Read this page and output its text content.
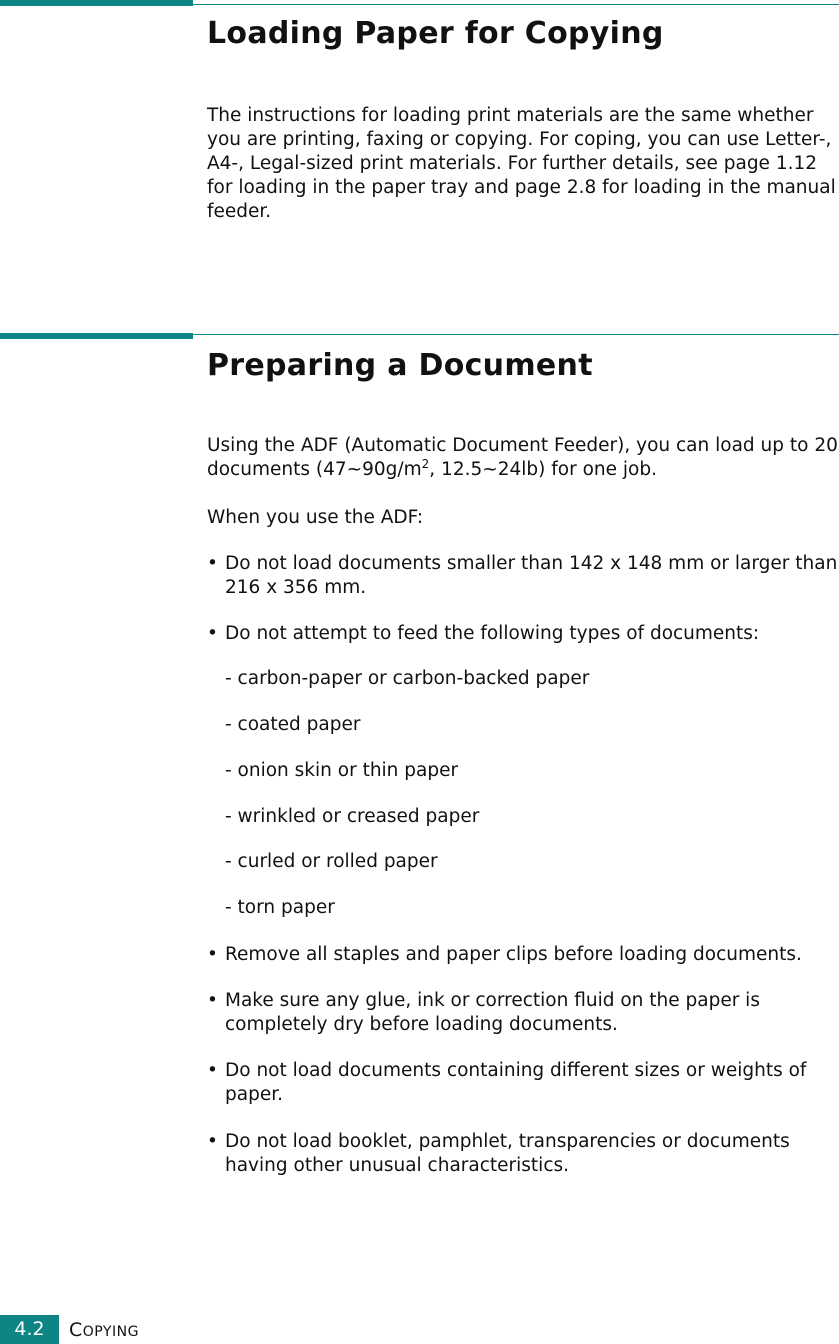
Loading Paper for Copying

The instructions for loading print materials are the same whether you are printing, faxing or copying. For coping, you can use Letter-, A4-, Legal-sized print materials. For further details, see page 1.12 for loading in the paper tray and page 2.8 for loading in the manual feeder.

Preparing a Document

Using the ADF (Automatic Document Feeder), you can load up to 20 documents ($47\sim 90g/m^2$, 12.5~24lb) for one job.

When you use the ADF:

• Do not load documents smaller than 142 x 148 mm or larger than 216 x 356 mm.
• Do not attempt to feed the following types of documents:
- carbon-paper or carbon-backed paper
- coated paper
- onion skin or thin paper
- wrinkled or creased paper
- curled or rolled paper
- torn paper
• Remove all staples and paper clips before loading documents.
• Make sure any glue, ink or correction fluid on the paper is completely dry before loading documents.
• Do not load documents containing different sizes or weights of paper.
• Do not load booklet, pamphlet, transparencies or documents having other unusual characteristics.
4.2	COPYING
